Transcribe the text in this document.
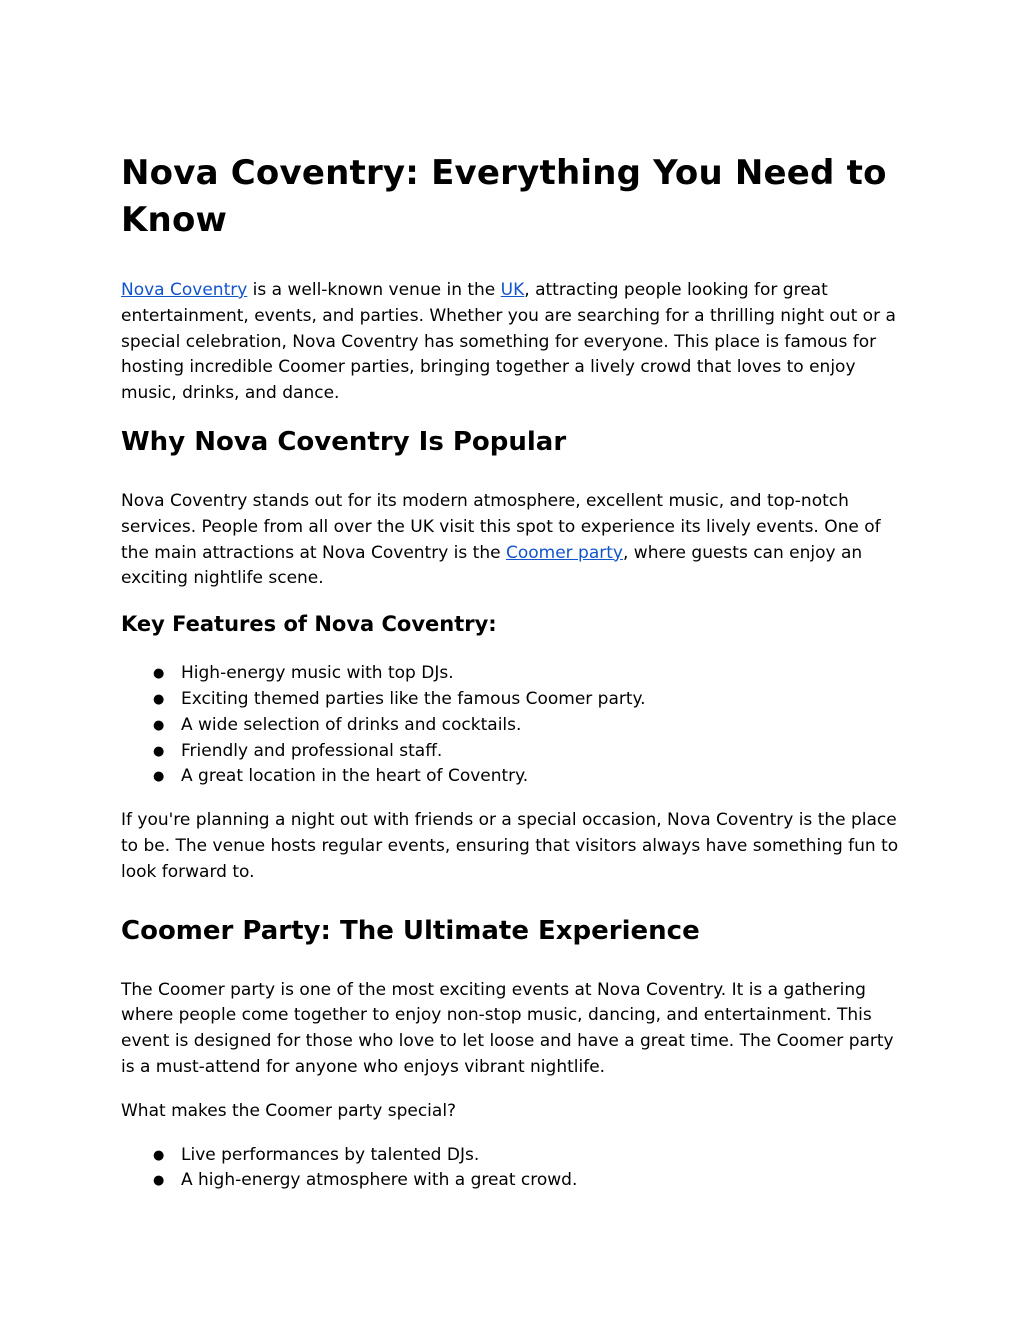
Nova Coventry: Everything You Need to Know

Nova Coventry is a well-known venue in the UK, attracting people looking for great entertainment, events, and parties. Whether you are searching for a thrilling night out or a special celebration, Nova Coventry has something for everyone. This place is famous for hosting incredible Coomer parties, bringing together a lively crowd that loves to enjoy music, drinks, and dance.

Why Nova Coventry Is Popular

Nova Coventry stands out for its modern atmosphere, excellent music, and top-notch services. People from all over the UK visit this spot to experience its lively events. One of the main attractions at Nova Coventry is the Coomer party, where guests can enjoy an exciting nightlife scene.

Key Features of Nova Coventry:
● High-energy music with top DJs.
● Exciting themed parties like the famous Coomer party.
● A wide selection of drinks and cocktails.
● Friendly and professional staff.
● A great location in the heart of Coventry.

If you're planning a night out with friends or a special occasion, Nova Coventry is the place to be. The venue hosts regular events, ensuring that visitors always have something fun to look forward to.

Coomer Party: The Ultimate Experience

The Coomer party is one of the most exciting events at Nova Coventry. It is a gathering where people come together to enjoy non-stop music, dancing, and entertainment. This event is designed for those who love to let loose and have a great time. The Coomer party is a must-attend for anyone who enjoys vibrant nightlife.

What makes the Coomer party special?

● Live performances by talented DJs.
● A high-energy atmosphere with a great crowd.
